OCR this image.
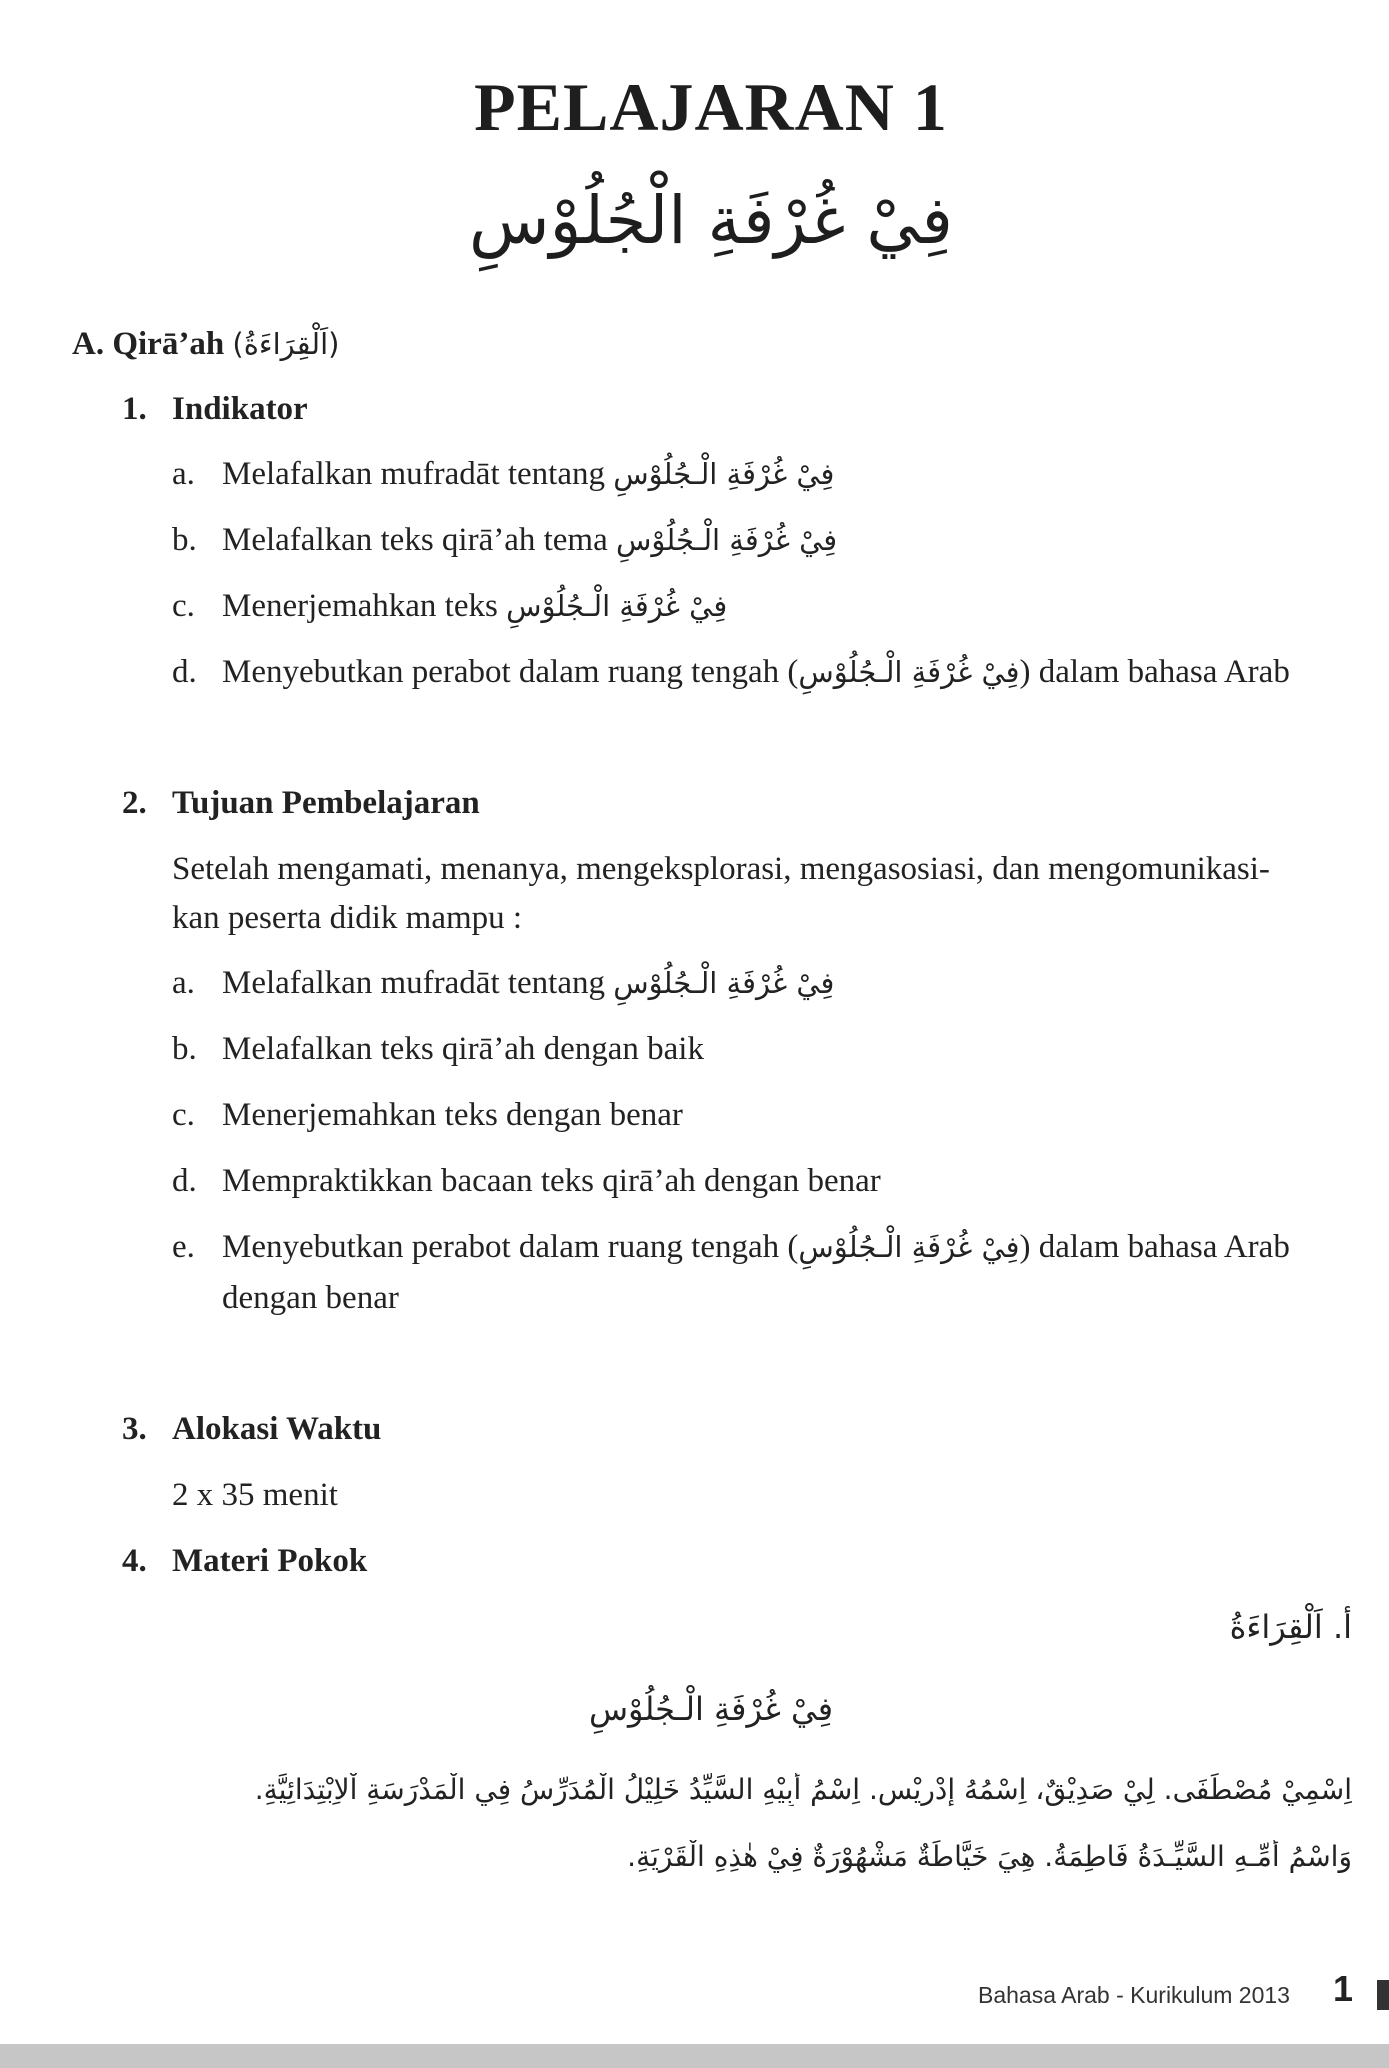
PELAJARAN 1
فِيْ غُرْفَةِ الْجُلُوْسِ
A. Qirā’ah (اَلْقِرَاءَةُ)
1. Indikator
a. Melafalkan mufradāt tentang فِيْ غُرْفَةِ الْـجُلُوْسِ
b. Melafalkan teks qirā’ah tema فِيْ غُرْفَةِ الْـجُلُوْسِ
c. Menerjemahkan teks فِيْ غُرْفَةِ الْـجُلُوْسِ
d. Menyebutkan perabot dalam ruang tengah (فِيْ غُرْفَةِ الْـجُلُوْسِ) dalam bahasa Arab
2. Tujuan Pembelajaran
Setelah mengamati, menanya, mengeksplorasi, mengasosiasi, dan mengomunikasi-
kan peserta didik mampu :
a. Melafalkan mufradāt tentang فِيْ غُرْفَةِ الْـجُلُوْسِ
b. Melafalkan teks qirā’ah dengan baik
c. Menerjemahkan teks dengan benar
d. Mempraktikkan bacaan teks qirā’ah dengan benar
e. Menyebutkan perabot dalam ruang tengah (فِيْ غُرْفَةِ الْـجُلُوْسِ) dalam bahasa Arab
dengan benar
3. Alokasi Waktu
2 x 35 menit
4. Materi Pokok
أ. اَلْقِرَاءَةُ
فِيْ غُرْفَةِ الْـجُلُوْسِ
اِسْمِيْ مُصْطَفَى. لِيْ صَدِيْقٌ، اِسْمُهُ إِدْرِيْس. اِسْمُ أَبِيْهِ السَّيِّدُ خَلِيْلُ الْمُدَرِّسُ فِي الْمَدْرَسَةِ اْلاِبْتِدَائِيَّةِ.
وَاسْمُ أُمِّـهِ السَّيِّـدَةُ فَاطِمَةُ. هِيَ خَيَّاطَةٌ مَشْهُوْرَةٌ فِيْ هٰذِهِ الْقَرْيَةِ.
Bahasa Arab - Kurikulum 2013 1
